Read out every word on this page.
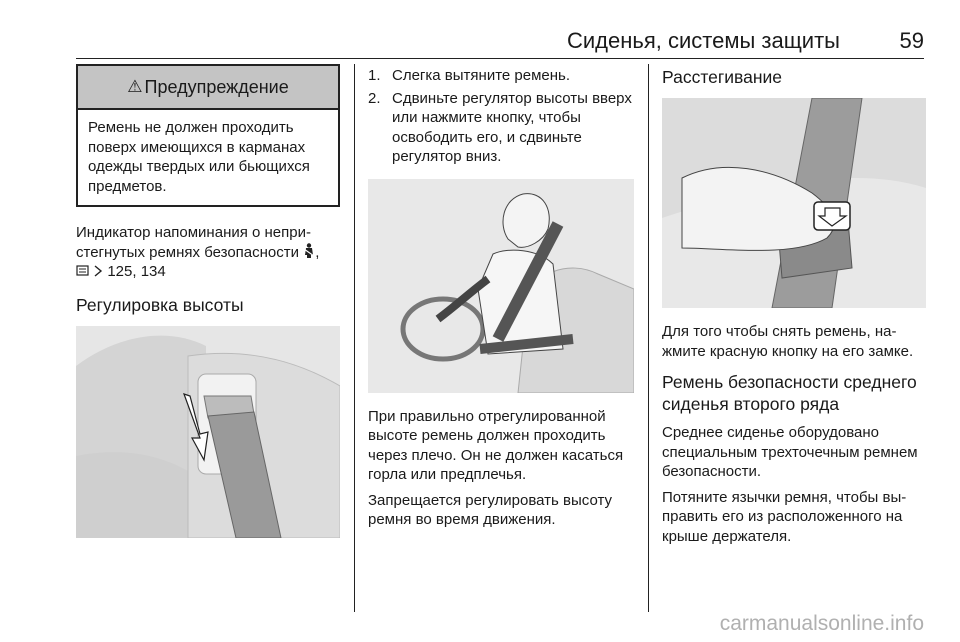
Сиденья, системы защиты	59
⚠ Предупреждение
Ремень не должен проходить поверх имеющихся в карманах одежды твердых или бьющихся предметов.

Индикатор напоминания о непристегнутых ремнях безопасности ,
125, 134

Регулировка высоты
1. Слегка вытяните ремень.
2. Сдвиньте регулятор высоты вверх или нажмите кнопку, чтобы освободить его, и сдвиньте регулятор вниз.

При правильно отрегулированной высоте ремень должен проходить через плечо. Он не должен касаться горла или предплечья.

Запрещается регулировать высоту ремня во время движения.

Расстегивание

Для того чтобы снять ремень, нажмите красную кнопку на его замке.

Ремень безопасности среднего сиденья второго ряда

Среднее сиденье оборудовано специальным трехточечным ремнем безопасности.

Потяните язычки ремня, чтобы выправить его из расположенного на крыше держателя.

carmanualsonline.info
